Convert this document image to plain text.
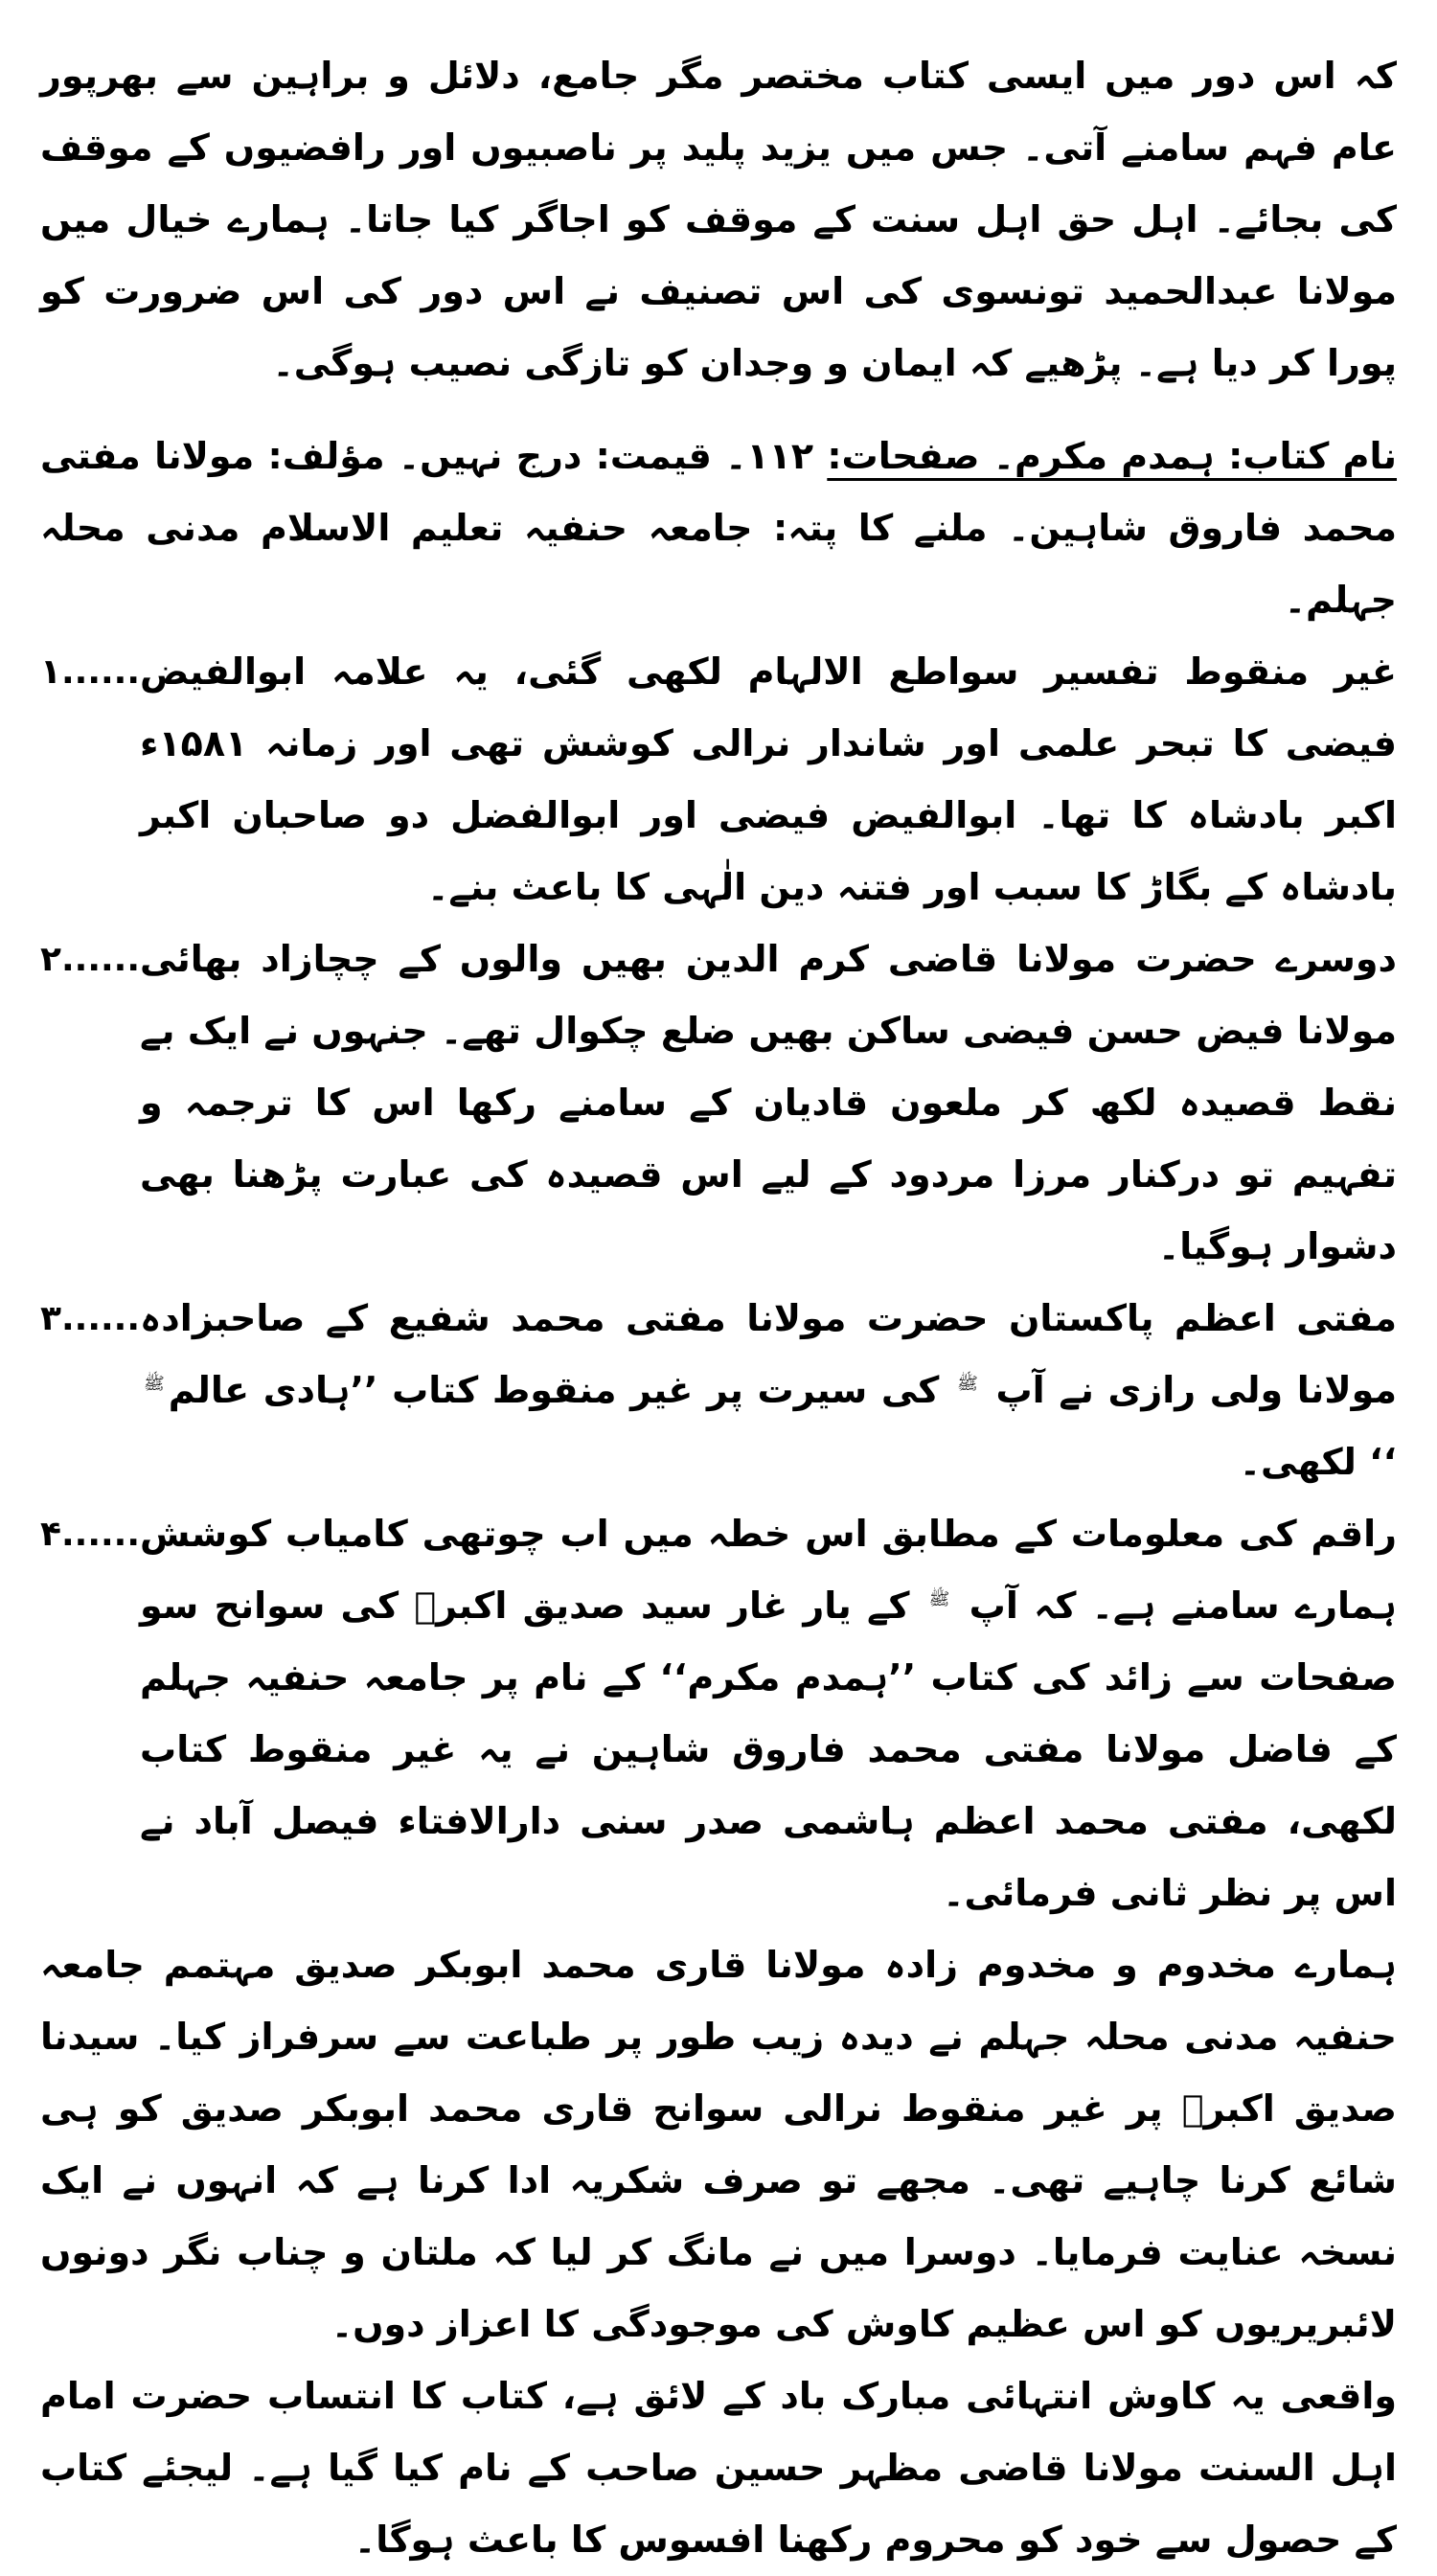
کہ اس دور میں ایسی کتاب مختصر مگر جامع، دلائل و براہین سے بھرپور عام فہم سامنے آتی۔ جس میں یزید پلید پر ناصبیوں اور رافضیوں کے موقف کی بجائے۔ اہل حق اہل سنت کے موقف کو اجاگر کیا جاتا۔ ہمارے خیال میں مولانا عبدالحمید تونسوی کی اس تصنیف نے اس دور کی اس ضرورت کو پورا کر دیا ہے۔ پڑھیے کہ ایمان و وجدان کو تازگی نصیب ہوگی۔

نام کتاب: ہمدم مکرم۔ صفحات: ۱۱۲۔ قیمت: درج نہیں۔ مؤلف: مولانا مفتی محمد فاروق شاہین۔ ملنے کا پتہ: جامعہ حنفیہ تعلیم الاسلام مدنی محلہ جہلم۔

غیر منقوط تفسیر سواطع الالہام لکھی گئی، یہ علامہ ابوالفیض فیضی کا تبحر علمی اور شاندار نرالی کوشش تھی اور زمانہ ۱۵۸۱ء اکبر بادشاہ کا تھا۔ ابوالفیض فیضی اور ابوالفضل دو صاحبان اکبر بادشاہ کے بگاڑ کا سبب اور فتنہ دین الٰہی کا باعث بنے۔
۱......
دوسرے حضرت مولانا قاضی کرم الدین بھیں والوں کے چچازاد بھائی مولانا فیض حسن فیضی ساکن بھیں ضلع چکوال تھے۔ جنہوں نے ایک بے نقط قصیدہ لکھ کر ملعون قادیان کے سامنے رکھا اس کا ترجمہ و تفہیم تو درکنار مرزا مردود کے لیے اس قصیدہ کی عبارت پڑھنا بھی دشوار ہوگیا۔
۲......
مفتی اعظم پاکستان حضرت مولانا مفتی محمد شفیع کے صاحبزادہ مولانا ولی رازی نے آپ ﷺ کی سیرت پر غیر منقوط کتاب ’’ہادی عالمﷺ‘‘ لکھی۔
۳......
راقم کی معلومات کے مطابق اس خطہ میں اب چوتھی کامیاب کوشش ہمارے سامنے ہے۔ کہ آپ ﷺ کے یار غار سید صدیق اکبرؓ کی سوانح سو صفحات سے زائد کی کتاب ’’ہمدم مکرم‘‘ کے نام پر جامعہ حنفیہ جہلم کے فاضل مولانا مفتی محمد فاروق شاہین نے یہ غیر منقوط کتاب لکھی، مفتی محمد اعظم ہاشمی صدر سنی دارالافتاء فیصل آباد نے اس پر نظر ثانی فرمائی۔
۴......

ہمارے مخدوم و مخدوم زادہ مولانا قاری محمد ابوبکر صدیق مہتمم جامعہ حنفیہ مدنی محلہ جہلم نے دیدہ زیب طور پر طباعت سے سرفراز کیا۔ سیدنا صدیق اکبرؓ پر غیر منقوط نرالی سوانح قاری محمد ابوبکر صدیق کو ہی شائع کرنا چاہیے تھی۔ مجھے تو صرف شکریہ ادا کرنا ہے کہ انہوں نے ایک نسخہ عنایت فرمایا۔ دوسرا میں نے مانگ کر لیا کہ ملتان و چناب نگر دونوں لائبریریوں کو اس عظیم کاوش کی موجودگی کا اعزاز دوں۔

واقعی یہ کاوش انتہائی مبارک باد کے لائق ہے، کتاب کا انتساب حضرت امام اہل السنت مولانا قاضی مظہر حسین صاحب کے نام کیا گیا ہے۔ لیجئے کتاب کے حصول سے خود کو محروم رکھنا افسوس کا باعث ہوگا۔
